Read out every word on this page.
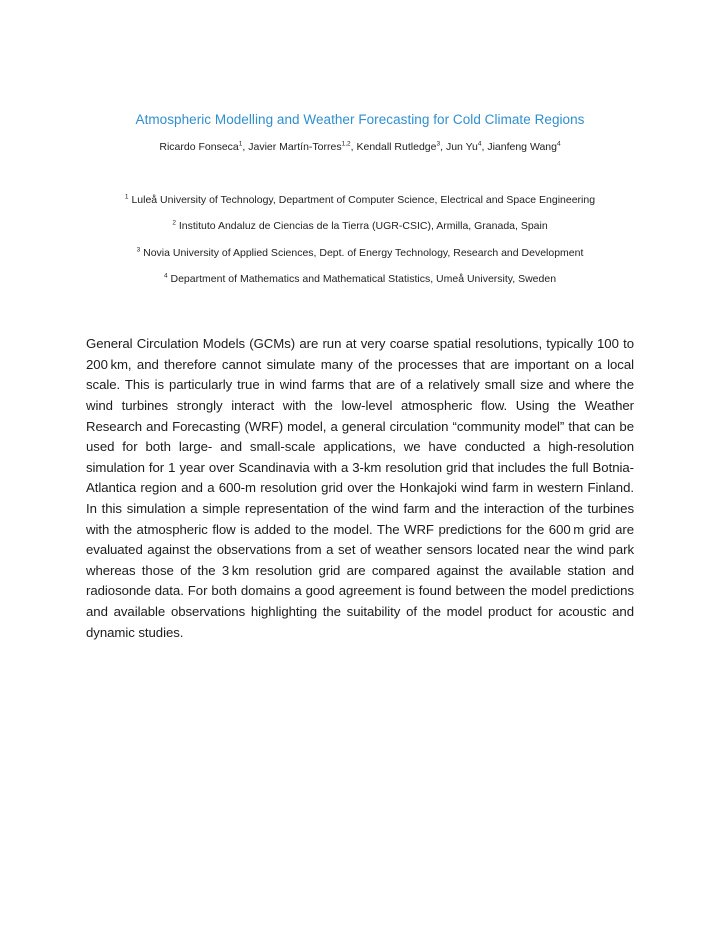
Atmospheric Modelling and Weather Forecasting for Cold Climate Regions
Ricardo Fonseca$^1$, Javier Martín-Torres$^{1,2}$, Kendall Rutledge$^3$, Jun Yu$^4$, Jianfeng Wang$^4$
$^1$ Luleå University of Technology, Department of Computer Science, Electrical and Space Engineering
$^2$ Instituto Andaluz de Ciencias de la Tierra (UGR-CSIC), Armilla, Granada, Spain
$^3$ Novia University of Applied Sciences, Dept. of Energy Technology, Research and Development
$^4$ Department of Mathematics and Mathematical Statistics, Umeå University, Sweden

General Circulation Models (GCMs) are run at very coarse spatial resolutions, typically 100 to 200 km, and therefore cannot simulate many of the processes that are important on a local scale. This is particularly true in wind farms that are of a relatively small size and where the wind turbines strongly interact with the low-level atmospheric flow. Using the Weather Research and Forecasting (WRF) model, a general circulation “community model” that can be used for both large- and small-scale applications, we have conducted a high-resolution simulation for 1 year over Scandinavia with a 3-km resolution grid that includes the full Botnia-Atlantica region and a 600-m resolution grid over the Honkajoki wind farm in western Finland. In this simulation a simple representation of the wind farm and the interaction of the turbines with the atmospheric flow is added to the model. The WRF predictions for the 600 m grid are evaluated against the observations from a set of weather sensors located near the wind park whereas those of the 3 km resolution grid are compared against the available station and radiosonde data. For both domains a good agreement is found between the model predictions and available observations highlighting the suitability of the model product for acoustic and dynamic studies.
